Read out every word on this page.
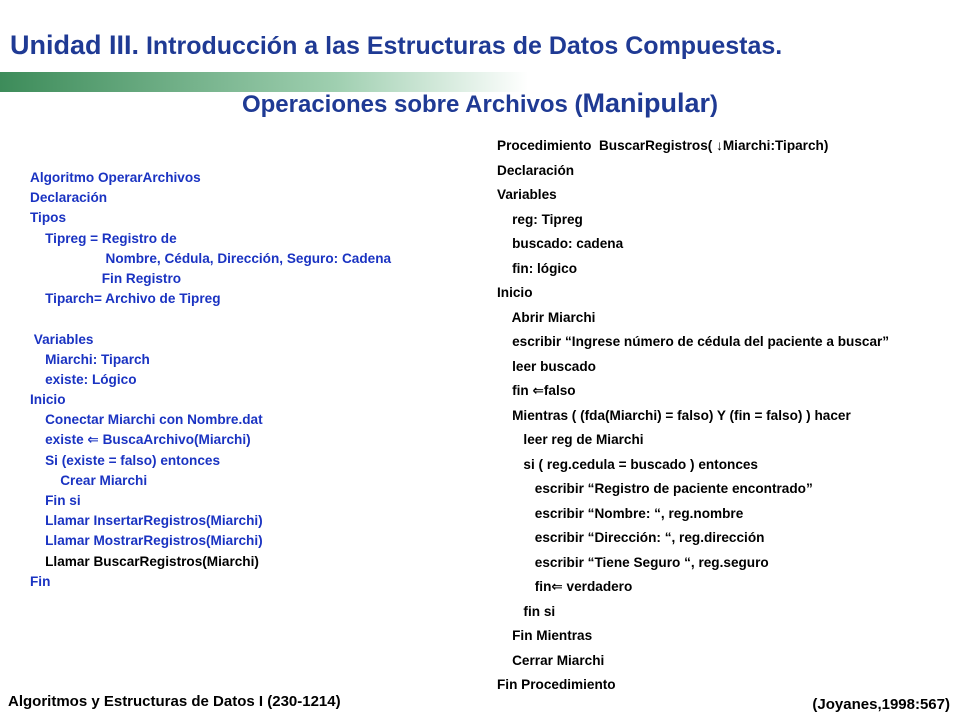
Unidad III. Introducción a las Estructuras de Datos Compuestas.
Operaciones sobre Archivos (Manipular)
Algoritmo OperarArchivos
Declaración
Tipos
Tipreg = Registro de
Nombre, Cédula, Dirección, Seguro: Cadena
Fin Registro
Tiparch= Archivo de Tipreg
Variables
Miarchi: Tiparch
existe: Lógico
Inicio
Conectar Miarchi con Nombre.dat
existe ⇐ BuscaArchivo(Miarchi)
Si (existe = falso) entonces
Crear Miarchi
Fin si
Llamar InsertarRegistros(Miarchi)
Llamar MostrarRegistros(Miarchi)
Llamar BuscarRegistros(Miarchi)
Fin
Procedimiento  BuscarRegistros( ↓Miarchi:Tiparch)
Declaración
Variables
reg: Tipreg
buscado: cadena
fin: lógico
Inicio
Abrir Miarchi
escribir “Ingrese número de cédula del paciente a buscar”
leer buscado
fin ⇐falso
Mientras ( (fda(Miarchi) = falso) Y (fin = falso) ) hacer
leer reg de Miarchi
si ( reg.cedula = buscado ) entonces
escribir “Registro de paciente encontrado”
escribir “Nombre: “, reg.nombre
escribir “Dirección: “, reg.dirección
escribir “Tiene Seguro “, reg.seguro
fin⇐ verdadero
fin si
Fin Mientras
Cerrar Miarchi
Fin Procedimiento
Algoritmos y Estructuras de Datos I (230-1214)	(Joyanes,1998:567)
